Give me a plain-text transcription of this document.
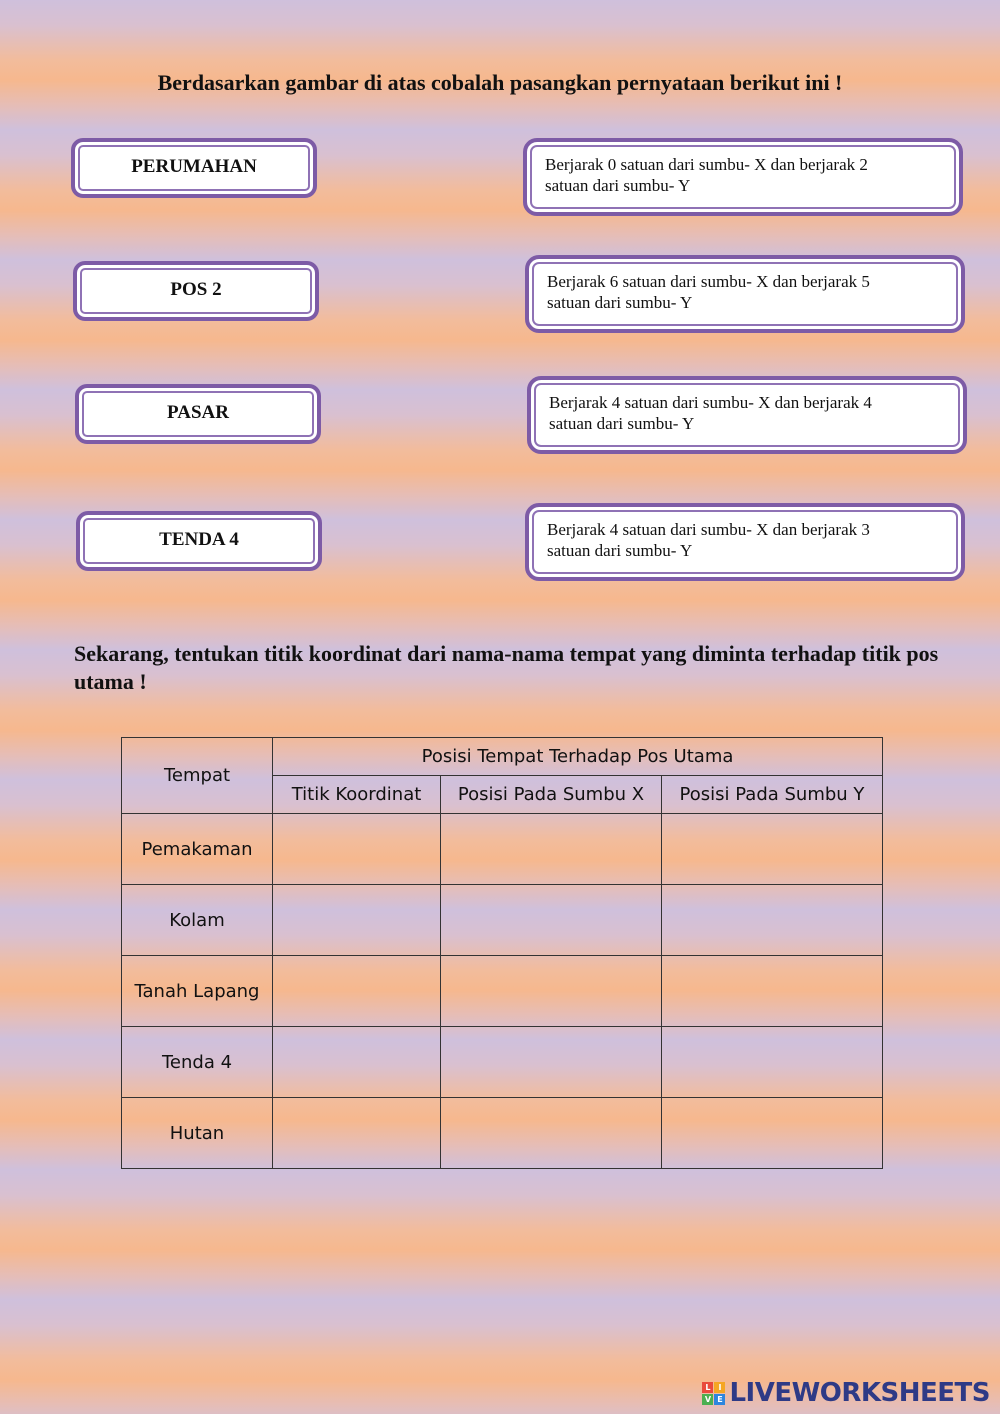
Berdasarkan gambar di atas cobalah pasangkan pernyataan berikut ini !
PERUMAHAN
POS 2
PASAR
TENDA 4
Berjarak 0 satuan dari sumbu- X dan berjarak 2 satuan dari sumbu- Y
Berjarak 6 satuan dari sumbu- X dan berjarak 5 satuan dari sumbu- Y
Berjarak 4 satuan dari sumbu- X dan berjarak 4 satuan dari sumbu- Y
Berjarak 4 satuan dari sumbu- X dan berjarak 3 satuan dari sumbu- Y
Sekarang, tentukan titik koordinat dari nama-nama tempat yang diminta terhadap titik pos utama !
Tempat	Posisi Tempat Terhadap Pos Utama		
	Titik Koordinat	Posisi Pada Sumbu X	Posisi Pada Sumbu Y
Pemakaman			
Kolam			
Tanah Lapang			
Tenda 4			
Hutan			
L I
V E LIVEWORKSHEETS
